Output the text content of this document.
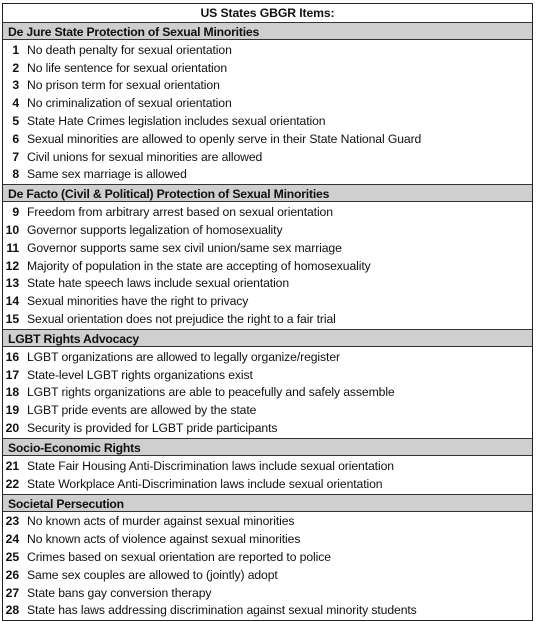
US States GBGR Items:
De Jure State Protection of Sexual Minorities
1 No death penalty for sexual orientation
2 No life sentence for sexual orientation
3 No prison term for sexual orientation
4 No criminalization of sexual orientation
5 State Hate Crimes legislation includes sexual orientation
6 Sexual minorities are allowed to openly serve in their State National Guard
7 Civil unions for sexual minorities are allowed
8 Same sex marriage is allowed
De Facto (Civil & Political) Protection of Sexual Minorities
9 Freedom from arbitrary arrest based on sexual orientation
10 Governor supports legalization of homosexuality
11 Governor supports same sex civil union/same sex marriage
12 Majority of population in the state are accepting of homosexuality
13 State hate speech laws include sexual orientation
14 Sexual minorities have the right to privacy
15 Sexual orientation does not prejudice the right to a fair trial
LGBT Rights Advocacy
16 LGBT organizations are allowed to legally organize/register
17 State-level LGBT rights organizations exist
18 LGBT rights organizations are able to peacefully and safely assemble
19 LGBT pride events are allowed by the state
20 Security is provided for LGBT pride participants
Socio-Economic Rights
21 State Fair Housing Anti-Discrimination laws include sexual orientation
22 State Workplace Anti-Discrimination laws include sexual orientation
Societal Persecution
23 No known acts of murder against sexual minorities
24 No known acts of violence against sexual minorities
25 Crimes based on sexual orientation are reported to police
26 Same sex couples are allowed to (jointly) adopt
27 State bans gay conversion therapy
28 State has laws addressing discrimination against sexual minority students
